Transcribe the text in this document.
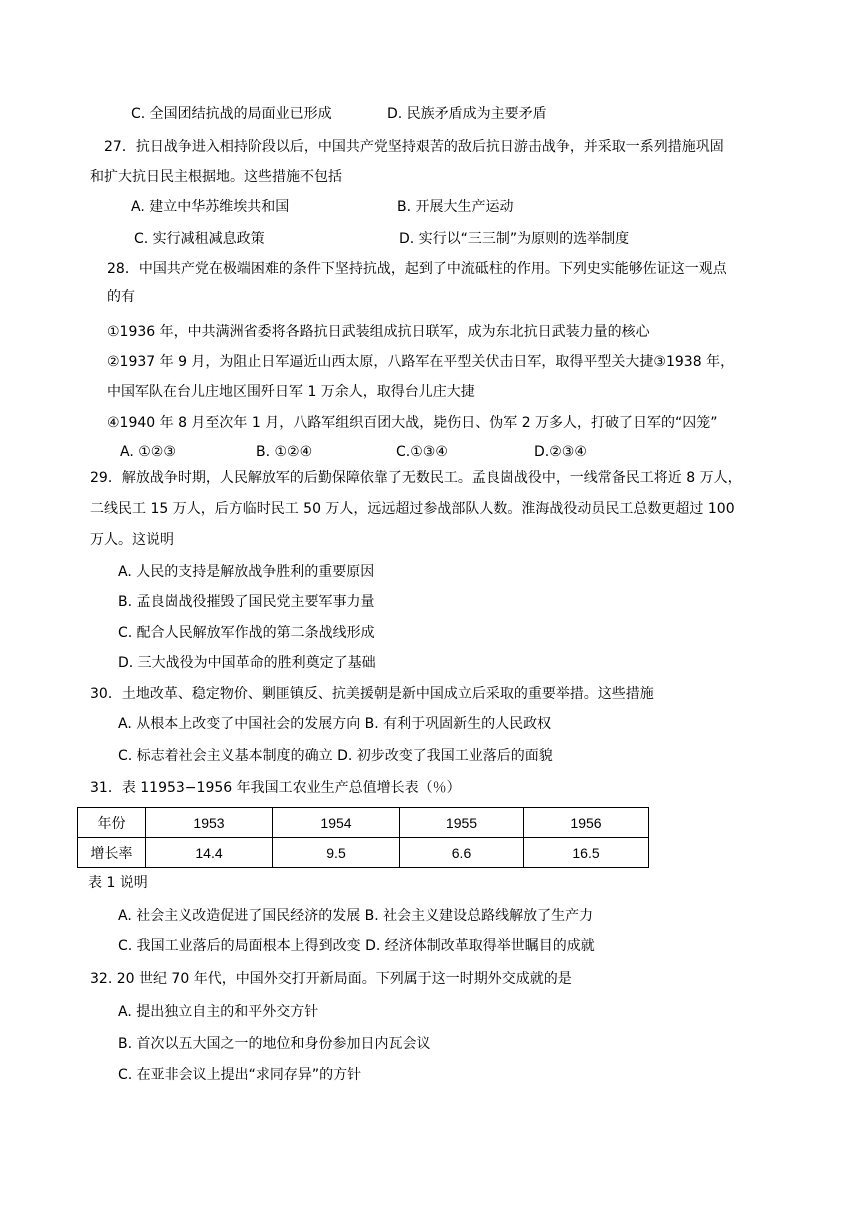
C. 全国团结抗战的局面业已形成	D. 民族矛盾成为主要矛盾

27．抗日战争进入相持阶段以后，中国共产党坚持艰苦的敌后抗日游击战争，并采取一系列措施巩固

和扩大抗日民主根据地。这些措施不包括

A. 建立中华苏维埃共和国	B. 开展大生产运动

C. 实行减租减息政策	D. 实行以“三三制”为原则的选举制度

28．中国共产党在极端困难的条件下坚持抗战，起到了中流砥柱的作用。下列史实能够佐证这一观点

的有

①1936 年，中共满洲省委将各路抗日武装组成抗日联军，成为东北抗日武装力量的核心

②1937 年 9 月，为阻止日军逼近山西太原，八路军在平型关伏击日军，取得平型关大捷③1938 年，

中国军队在台儿庄地区围歼日军 1 万余人，取得台儿庄大捷

④1940 年 8 月至次年 1 月，八路军组织百团大战，毙伤日、伪军 2 万多人，打破了日军的“囚笼”

A. ①②③	B. ①②④	C.①③④	D.②③④

29．解放战争时期，人民解放军的后勤保障依靠了无数民工。孟良崮战役中，一线常备民工将近 8 万人，

二线民工 15 万人，后方临时民工 50 万人，远远超过参战部队人数。淮海战役动员民工总数更超过 100

万人。这说明

A. 人民的支持是解放战争胜利的重要原因

B. 孟良崮战役摧毁了国民党主要军事力量

C. 配合人民解放军作战的第二条战线形成

D. 三大战役为中国革命的胜利奠定了基础

30．土地改革、稳定物价、剿匪镇反、抗美援朝是新中国成立后采取的重要举措。这些措施

A. 从根本上改变了中国社会的发展方向 B. 有利于巩固新生的人民政权

C. 标志着社会主义基本制度的确立 D. 初步改变了我国工业落后的面貌

31．表 11953−1956 年我国工农业生产总值增长表（％）

年份	1953	1954	1955	1956
增长率	14.4	9.5	6.6	16.5

表 1 说明

A. 社会主义改造促进了国民经济的发展 B. 社会主义建设总路线解放了生产力

C. 我国工业落后的局面根本上得到改变 D. 经济体制改革取得举世瞩目的成就

32. 20 世纪 70 年代，中国外交打开新局面。下列属于这一时期外交成就的是

A. 提出独立自主的和平外交方针

B. 首次以五大国之一的地位和身份参加日内瓦会议

C. 在亚非会议上提出“求同存异”的方针
